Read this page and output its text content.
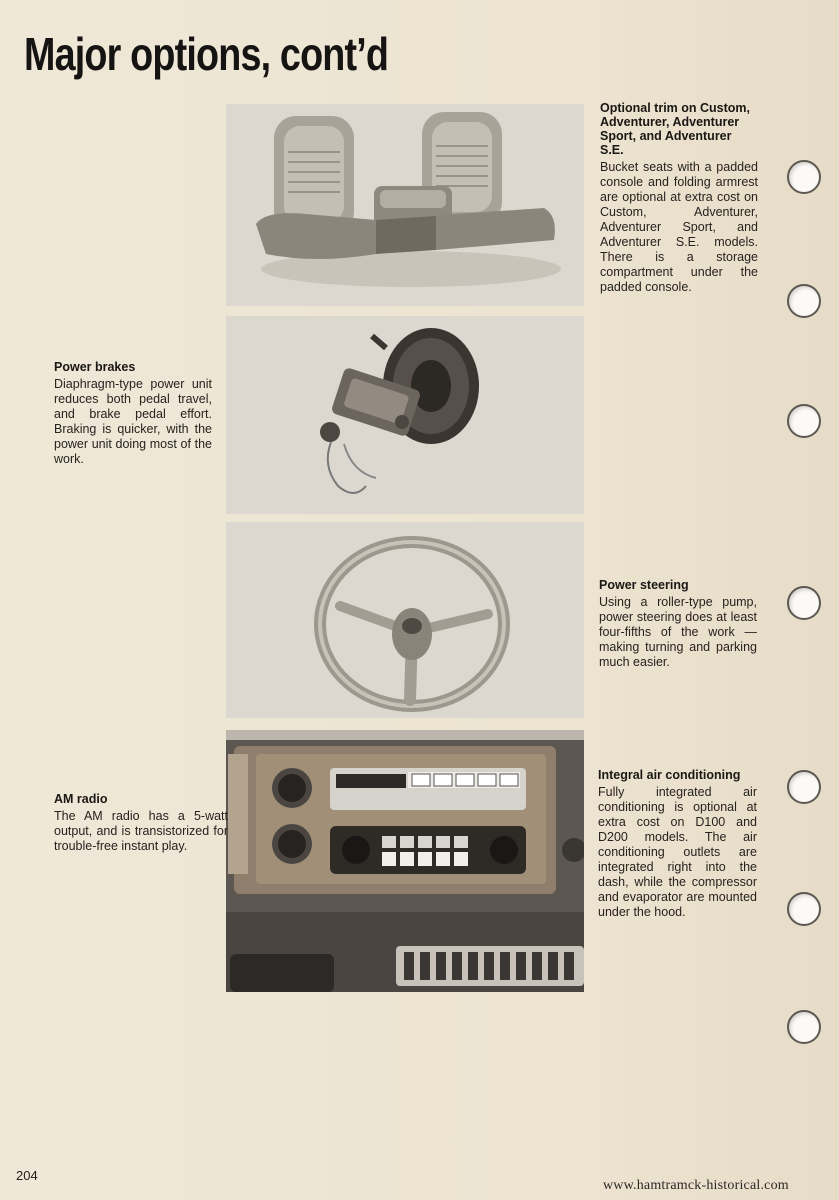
Major options, cont’d
Optional trim on Custom, Adventurer, Adventurer Sport, and Adventurer S.E.

Bucket seats with a padded console and folding armrest are optional at extra cost on Custom, Adventurer, Adventurer Sport, and Adventurer S.E. models. There is a storage compartment under the padded console.

Power brakes

Diaphragm-type power unit reduces both pedal travel, and brake pedal effort. Braking is quicker, with the power unit doing most of the work.

Power steering

Using a roller-type pump, power steering does at least four-fifths of the work — making turning and parking much easier.

AM radio

The AM radio has a 5-watt output, and is transistorized for trouble-free instant play.

Integral air conditioning

Fully integrated air conditioning is optional at extra cost on D100 and D200 models. The air conditioning outlets are integrated right into the dash, while the compressor and evaporator are mounted under the hood.

204
www.hamtramck-historical.com
